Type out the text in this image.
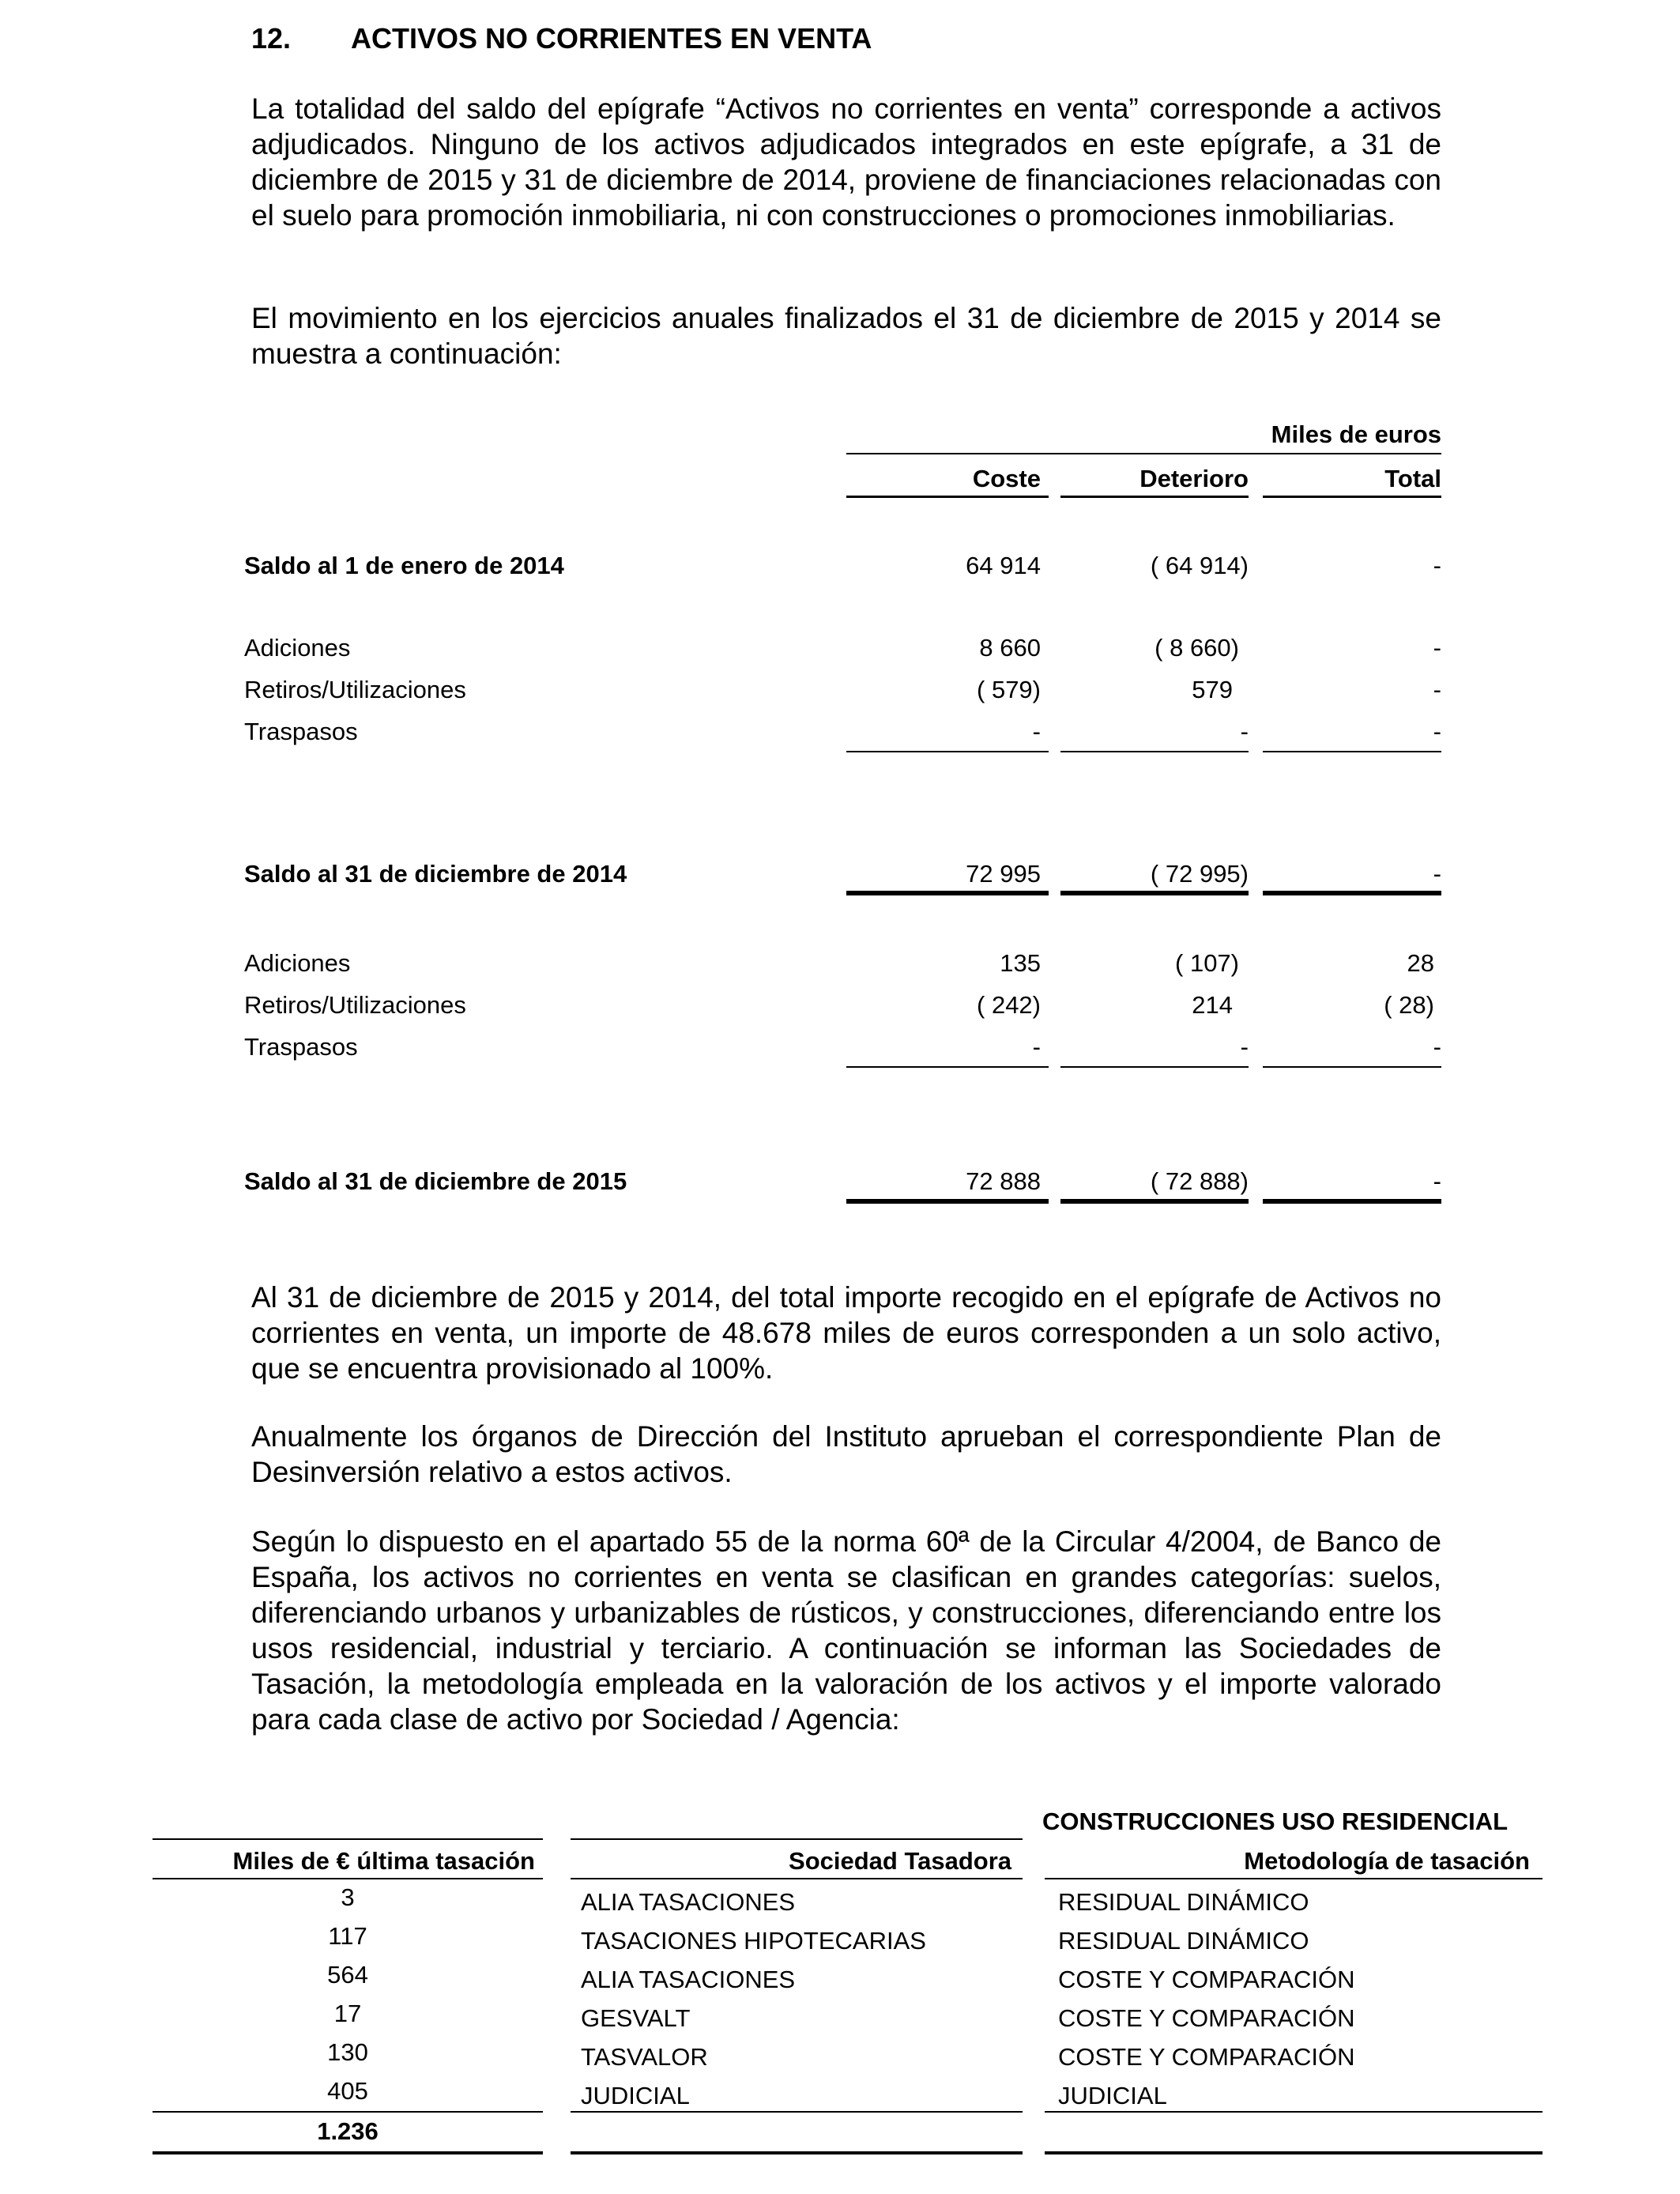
12. ACTIVOS NO CORRIENTES EN VENTA
La totalidad del saldo del epígrafe “Activos no corrientes en venta” corresponde a activos adjudicados. Ninguno de los activos adjudicados integrados en este epígrafe, a 31 de diciembre de 2015 y 31 de diciembre de 2014, proviene de financiaciones relacionadas con el suelo para promoción inmobiliaria, ni con construcciones o promociones inmobiliarias.
El movimiento en los ejercicios anuales finalizados el 31 de diciembre de 2015 y 2014 se muestra a continuación:
Miles de euros
Coste	Deterioro	Total
Saldo al 1 de enero de 2014	64 914	( 64 914)	-
Adiciones	8 660	( 8 660)	-
Retiros/Utilizaciones	( 579)	579	-
Traspasos	-	-	-
Saldo al 31 de diciembre de 2014	72 995	( 72 995)	-
Adiciones	135	( 107)	28
Retiros/Utilizaciones	( 242)	214	( 28)
Traspasos	-	-	-
Saldo al 31 de diciembre de 2015	72 888	( 72 888)	-
Al 31 de diciembre de 2015 y 2014, del total importe recogido en el epígrafe de Activos no corrientes en venta, un importe de 48.678 miles de euros corresponden a un solo activo, que se encuentra provisionado al 100%.
Anualmente los órganos de Dirección del Instituto aprueban el correspondiente Plan de Desinversión relativo a estos activos.
Según lo dispuesto en el apartado 55 de la norma 60ª de la Circular 4/2004, de Banco de España, los activos no corrientes en venta se clasifican en grandes categorías: suelos, diferenciando urbanos y urbanizables de rústicos, y construcciones, diferenciando entre los usos residencial, industrial y terciario. A continuación se informan las Sociedades de Tasación, la metodología empleada en la valoración de los activos y el importe valorado para cada clase de activo por Sociedad / Agencia:
CONSTRUCCIONES USO RESIDENCIAL
Miles de € última tasación	Sociedad Tasadora	Metodología de tasación
3	ALIA TASACIONES	RESIDUAL DINÁMICO
117	TASACIONES HIPOTECARIAS	RESIDUAL DINÁMICO
564	ALIA TASACIONES	COSTE Y COMPARACIÓN
17	GESVALT	COSTE Y COMPARACIÓN
130	TASVALOR	COSTE Y COMPARACIÓN
405	JUDICIAL	JUDICIAL
1.236
